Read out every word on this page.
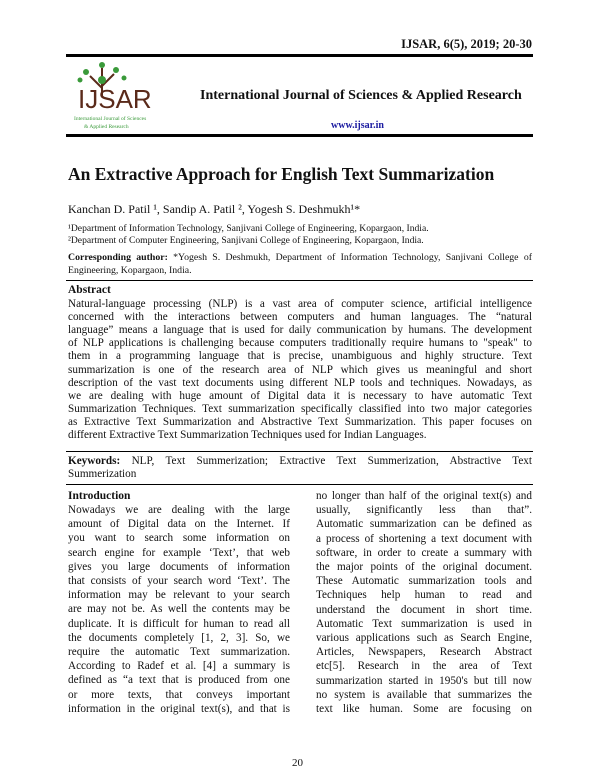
IJSAR, 6(5), 2019; 20-30
IJSAR
International Journal of Sciences
& Applied Research
International Journal of Sciences & Applied Research
www.ijsar.in
An Extractive Approach for English Text Summarization
Kanchan D. Patil ¹, Sandip A. Patil ², Yogesh S. Deshmukh¹*
¹Department of Information Technology, Sanjivani College of Engineering, Kopargaon, India.
²Department of Computer Engineering, Sanjivani College of Engineering, Kopargaon, India.
Corresponding author: *Yogesh S. Deshmukh, Department of Information Technology, Sanjivani College of
Engineering, Kopargaon, India.
Abstract
Natural-language processing (NLP) is a vast area of computer science, artificial intelligence
concerned with the interactions between computers and human languages. The “natural
language” means a language that is used for daily communication by humans. The development
of NLP applications is challenging because computers traditionally require humans to "speak" to
them in a programming language that is precise, unambiguous and highly structure. Text
summarization is one of the research area of NLP which gives us meaningful and short
description of the vast text documents using different NLP tools and techniques. Nowadays, as
we are dealing with huge amount of Digital data it is necessary to have automatic Text
Summarization Techniques. Text summarization specifically classified into two major categories
as Extractive Text Summarization and Abstractive Text Summarization. This paper focuses on
different Extractive Text Summarization Techniques used for Indian Languages.
Keywords: NLP, Text Summerization; Extractive Text Summerization, Abstractive Text
Summerization
Introduction
Nowadays we are dealing with the large
amount of Digital data on the Internet. If
you want to search some information on
search engine for example ‘Text’, that web
gives you large documents of information
that consists of your search word ‘Text’. The
information may be relevant to your search
are may not be. As well the contents may be
duplicate. It is difficult for human to read all
the documents completely [1, 2, 3]. So, we
require the automatic Text summarization.
According to Radef et al. [4] a summary is
defined as “a text that is produced from one
or more texts, that conveys important
information in the original text(s), and that is
no longer than half of the original text(s) and
usually, significantly less than that”.
Automatic summarization can be defined as
a process of shortening a text document with
software, in order to create a summary with
the major points of the original document.
These Automatic summarization tools and
Techniques help human to read and
understand the document in short time.
Automatic Text summarization is used in
various applications such as Search Engine,
Articles, Newspapers, Research Abstract
etc[5]. Research in the area of Text
summarization started in 1950's but till now
no system is available that summarizes the
text like human. Some are focusing on
20
